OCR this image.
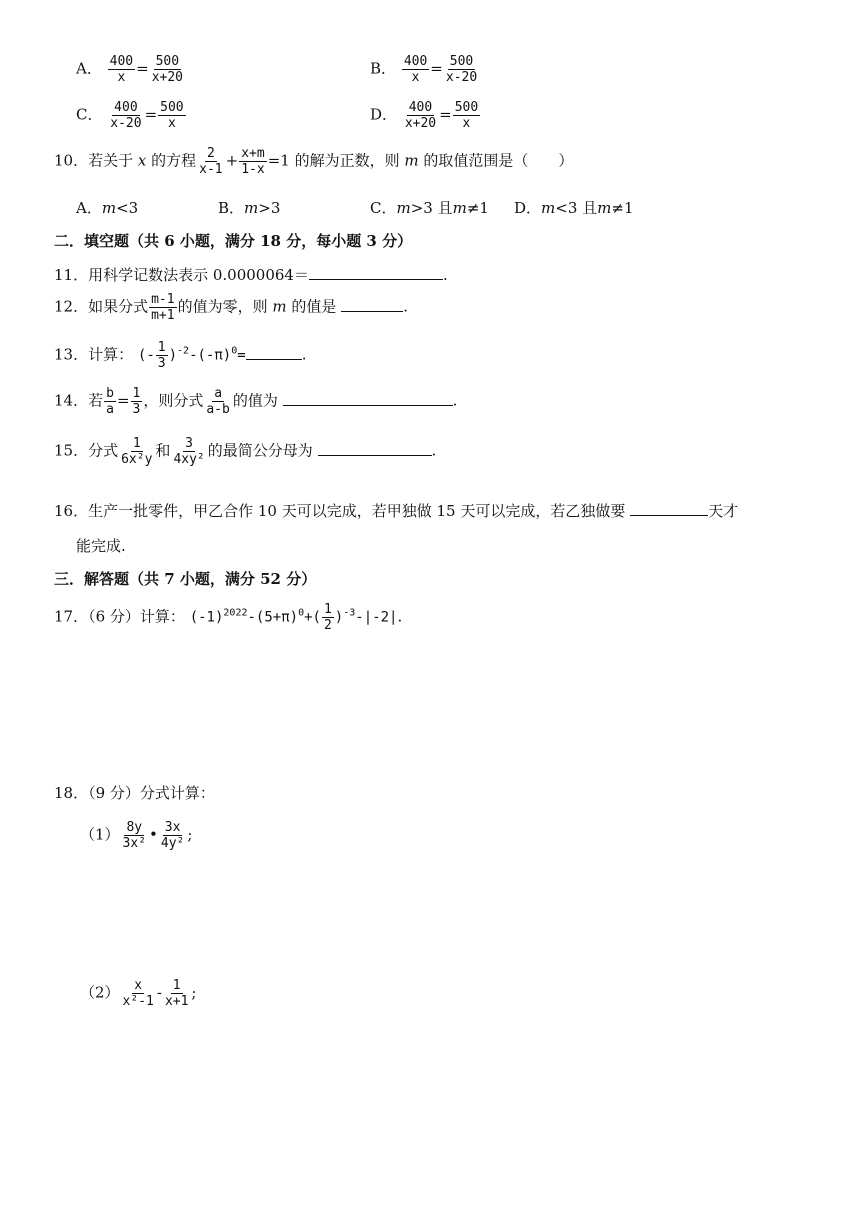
A． $\frac{400}{x} = \frac{500}{x+20}$	B． $\frac{400}{x} = \frac{500}{x-20}$
C． $\frac{400}{x-20} = \frac{500}{x}$	D． $\frac{400}{x+20} = \frac{500}{x}$
10．若关于 x 的方程 $\frac{2}{x-1} + \frac{x+m}{1-x} =1$ 的解为正数，则 m 的取值范围是（　　）
A．m<3	B．m>3	C．m>3 且m≠1 D．m<3 且m≠1
二．填空题（共 6 小题，满分 18 分，每小题 3 分）
11．用科学记数法表示 0.0000064＝	.
12．如果分式 $\frac{m-1}{m+1}$ 的值为零，则 m 的值是	.
13．计算： (- $\frac{1}{3} )^{-2}-(-\pi)^0=$	.
14．若 $\frac{b}{a} = \frac{1}{3}$ ，则分式 $\frac{a}{a-b}$ 的值为	.
15．分式 $\frac{1}{\text{6x²y}}$ 和 $\frac{3}{\text{4xy²}}$ 的最简公分母为	.
16．生产一批零件，甲乙合作 10 天可以完成，若甲独做 15 天可以完成，若乙独做要	天才
能完成.
三．解答题（共 7 小题，满分 52 分）
17．（6 分）计算： $(-1)^{2022}-(5+\pi)^0+( \frac{1}{2} )^{-3}-|-2|$.
18．（9 分）分式计算：
$(1) \frac{8y}{\text{3x²}}$ • $\frac{3x}{\text{4y²}}$ ;
$(2) \frac{x}{\text{x²-1}} - \frac{1}{x+1}$ ;
